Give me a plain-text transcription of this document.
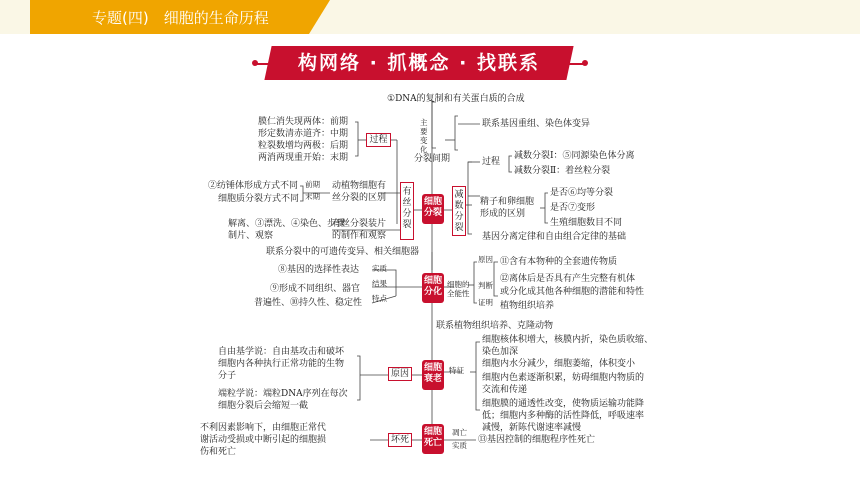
专题(四)　细胞的生命历程
构网络 · 抓概念 · 找联系
①DNA的复制和有关蛋白质的合成
主要变化
分裂间期
联系基因重组、染色体变异
膜仁消失现两体：前期
形定数清赤道齐：中期
粒裂数增均两极：后期
两消两现重开始：末期
过程
有丝分裂
②纺锤体形成方式不同
细胞质分裂方式不同
前期
末期
动植物细胞有
丝分裂的区别
解离、③漂洗、④染色、步骤
制片、观察
有丝分裂装片
的制作和观察
细胞分裂
细胞分化
细胞衰老
细胞死亡
减数分裂
过程
减数分裂Ⅰ：⑤同源染色体分离
减数分裂Ⅱ：着丝粒分裂
精子和卵细胞
形成的区别
是否⑥均等分裂
是否⑦变形
生殖细胞数目不同
基因分离定律和自由组合定律的基础
联系分裂中的可遗传变异、相关细胞器
⑧基因的选择性表达 实质
⑨形成不同组织、器官
结果
普遍性、⑩持久性、稳定性 特点
细胞的全能性
原因
判断
证明
⑪含有本物种的全套遗传物质
⑫离体后是否具有产生完整有机体
或分化成其他各种细胞的潜能和特性
植物组织培养
联系植物组织培养、克隆动物
自由基学说：自由基攻击和破坏
细胞内各种执行正常功能的生物
分子
端粒学说：端粒DNA序列在每次
细胞分裂后会缩短一截
原因	特征
细胞核体积增大，核膜内折，染色质收缩、
染色加深
细胞内水分减少，细胞萎缩，体积变小
细胞内色素逐渐积累，妨碍细胞内物质的
交流和传递
细胞膜的通透性改变，使物质运输功能降
低；细胞内多种酶的活性降低，呼吸速率
减慢，新陈代谢速率减慢
不利因素影响下，由细胞正常代
谢活动受损或中断引起的细胞损
伤和死亡
坏死
凋亡
实质
⑬基因控制的细胞程序性死亡
